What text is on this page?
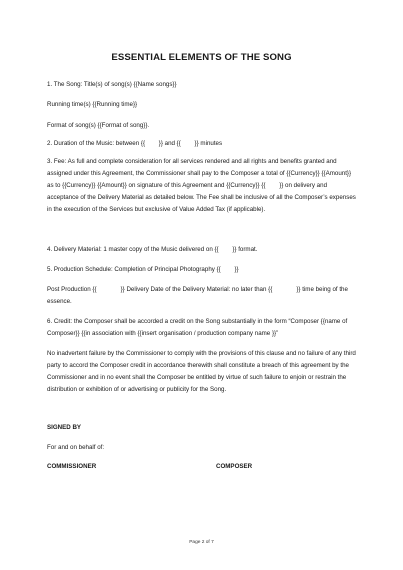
ESSENTIAL ELEMENTS OF THE SONG
1. The Song: Title(s) of song(s) {{Name songs}}
Running time(s) {{Running time}}
Format of song(s) {{Format of song}}.
2. Duration of the Music: between {{        }} and {{        }} minutes
3. Fee: As full and complete consideration for all services rendered and all rights and benefits granted and assigned under this Agreement, the Commissioner shall pay to the Composer a total of {{Currency}} {{Amount}} as to {{Currency}} {{Amount}} on signature of this Agreement and {{Currency}} {{        }} on delivery and acceptance of the Delivery Material as detailed below. The Fee shall be inclusive of all the Composer’s expenses in the execution of the Services but exclusive of Value Added Tax (if applicable).
4. Delivery Material: 1 master copy of the Music delivered on {{        }} format.
5. Production Schedule: Completion of Principal Photography {{        }}
Post Production {{              }} Delivery Date of the Delivery Material: no later than {{              }} time being of the essence.
6. Credit: the Composer shall be accorded a credit on the Song substantially in the form “Composer {{name of Composer}} {{in association with {{insert organisation / production company name }}”
No inadvertent failure by the Commissioner to comply with the provisions of this clause and no failure of any third party to accord the Composer credit in accordance therewith shall constitute a breach of this agreement by the Commissioner and in no event shall the Composer be entitled by virtue of such failure to enjoin or restrain the distribution or exhibition of or advertising or publicity for the Song.
SIGNED BY
For and on behalf of:
COMMISSIONER	COMPOSER
Page 2 of 7
